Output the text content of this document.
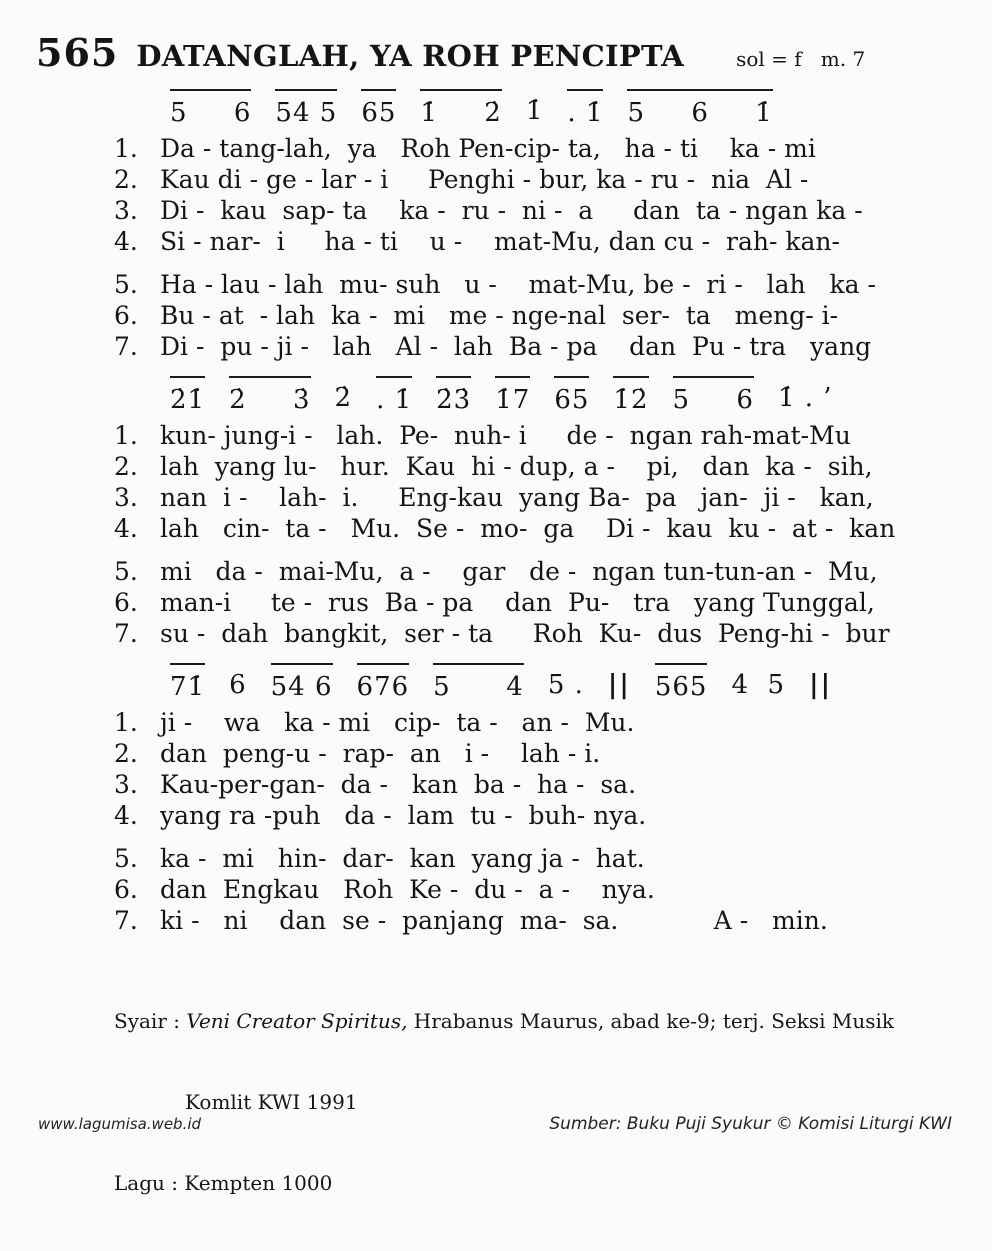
565 DATANGLAH, YA ROH PENCIPTA	sol = f   m. 7
5     6 54 5 65 1̇     2̇ 1̇ . 1̇ 5     6     1̇
1. Da - tang-lah,  ya   Roh Pen-cip- ta,   ha - ti    ka - mi
2. Kau di - ge - lar - i     Penghi - bur, ka - ru -  nia  Al -
3. Di -  kau  sap- ta    ka -  ru -  ni -  a     dan  ta - ngan ka -
4. Si - nar-  i     ha - ti    u -    mat-Mu, dan cu -  rah- kan-
5. Ha - lau - lah  mu- suh   u -    mat-Mu, be -  ri -   lah   ka -
6. Bu - at  - lah  ka -  mi   me - nge-nal  ser-  ta   meng- i-
7. Di -  pu - ji -   lah   Al -  lah  Ba - pa    dan  Pu - tra   yang
2̇1̇ 2̇     3̇ 2̇ . 1̇ 2̇3̇ 1̇7 65 1̇2̇ 5     6 1̇ . ’
1. kun- jung-i -   lah.  Pe-  nuh- i     de -  ngan rah-mat-Mu
2. lah  yang lu-   hur.  Kau  hi - dup, a -    pi,   dan  ka -  sih,
3. nan  i -    lah-  i.     Eng-kau  yang Ba-  pa   jan-  ji -   kan,
4. lah   cin-  ta -   Mu.  Se -  mo-  ga    Di -  kau  ku -  at -  kan
5. mi   da -  mai-Mu,  a -    gar   de -  ngan tun-tun-an -  Mu,
6. man-i     te -  rus  Ba - pa    dan  Pu-   tra   yang Tunggal,
7. su -  dah  bangkit,  ser - ta     Roh  Ku-  dus  Peng-hi -  bur
71̇ 6 54 6 676 5      4 5 . || 565 4  5 ||
1. ji -    wa   ka - mi   cip-  ta -   an -  Mu.
2. dan  peng-u -  rap-  an   i -    lah - i.
3. Kau-per-gan-  da -   kan  ba -  ha -  sa.
4. yang ra -puh   da -  lam  tu -  buh- nya.
5. ka -  mi   hin-  dar-  kan  yang ja -  hat.
6. dan  Engkau   Roh  Ke -  du -  a -    nya.
7. ki -   ni    dan  se -  panjang  ma-  sa.            A -   min.

Syair : Veni Creator Spiritus, Hrabanus Maurus, abad ke-9; terj. Seksi Musik

Komlit KWI 1991

Lagu : Kempten 1000

www.lagumisa.web.id	Sumber: Buku Puji Syukur © Komisi Liturgi KWI
